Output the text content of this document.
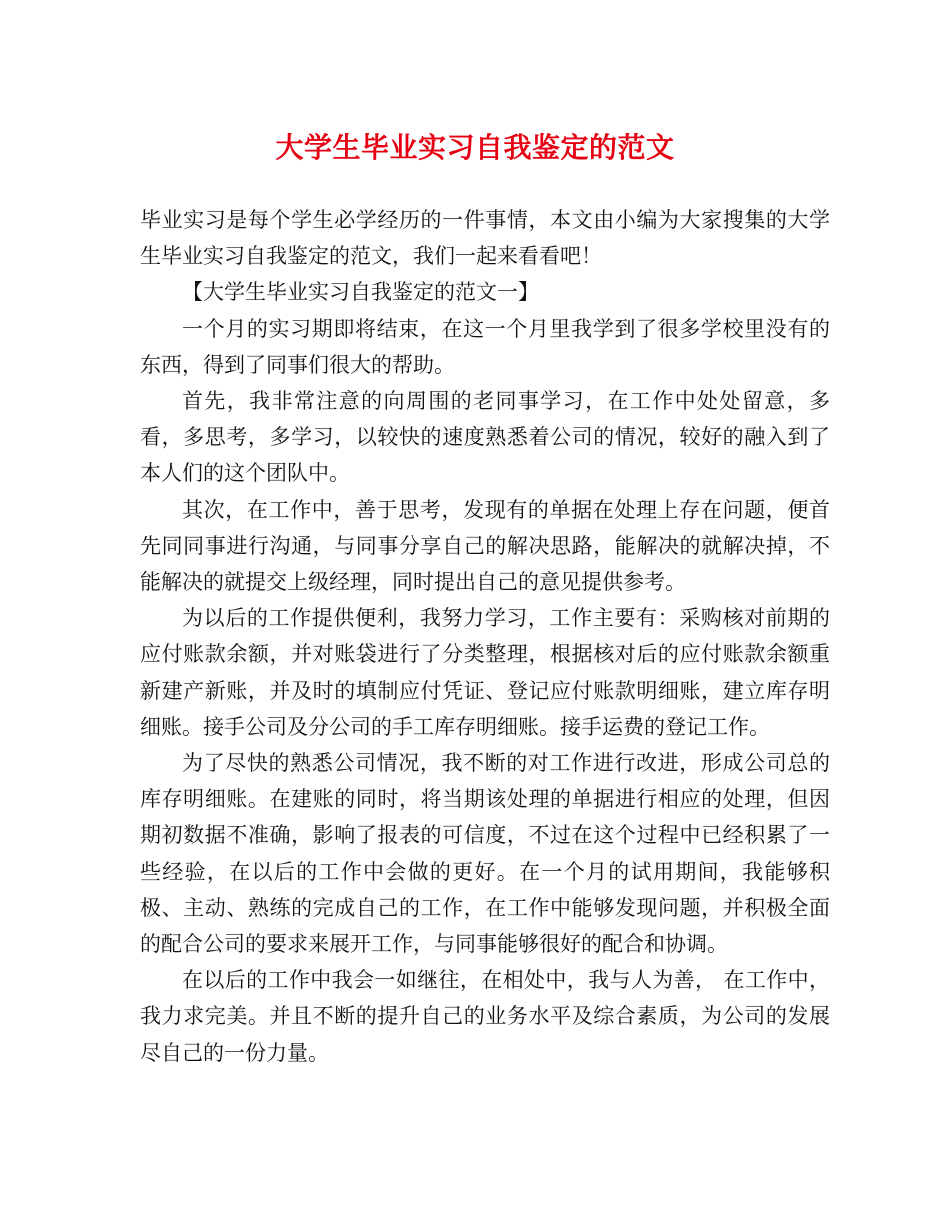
大学生毕业实习自我鉴定的范文

毕业实习是每个学生必学经历的一件事情，本文由小编为大家搜集的大学生毕业实习自我鉴定的范文，我们一起来看看吧！

【大学生毕业实习自我鉴定的范文一】

一个月的实习期即将结束，在这一个月里我学到了很多学校里没有的东西，得到了同事们很大的帮助。

首先，我非常注意的向周围的老同事学习，在工作中处处留意，多看，多思考，多学习，以较快的速度熟悉着公司的情况，较好的融入到了本人们的这个团队中。

其次，在工作中，善于思考，发现有的单据在处理上存在问题，便首先同同事进行沟通，与同事分享自己的解决思路，能解决的就解决掉，不能解决的就提交上级经理，同时提出自己的意见提供参考。

为以后的工作提供便利，我努力学习，工作主要有：采购核对前期的应付账款余额，并对账袋进行了分类整理，根据核对后的应付账款余额重新建产新账，并及时的填制应付凭证、登记应付账款明细账，建立库存明细账。接手公司及分公司的手工库存明细账。接手运费的登记工作。

为了尽快的熟悉公司情况，我不断的对工作进行改进，形成公司总的库存明细账。在建账的同时，将当期该处理的单据进行相应的处理，但因期初数据不准确，影响了报表的可信度，不过在这个过程中已经积累了一些经验，在以后的工作中会做的更好。在一个月的试用期间，我能够积极、主动、熟练的完成自己的工作，在工作中能够发现问题，并积极全面的配合公司的要求来展开工作，与同事能够很好的配合和协调。

在以后的工作中我会一如继往，在相处中，我与人为善， 在工作中，我力求完美。并且不断的提升自己的业务水平及综合素质，为公司的发展尽自己的一份力量。
